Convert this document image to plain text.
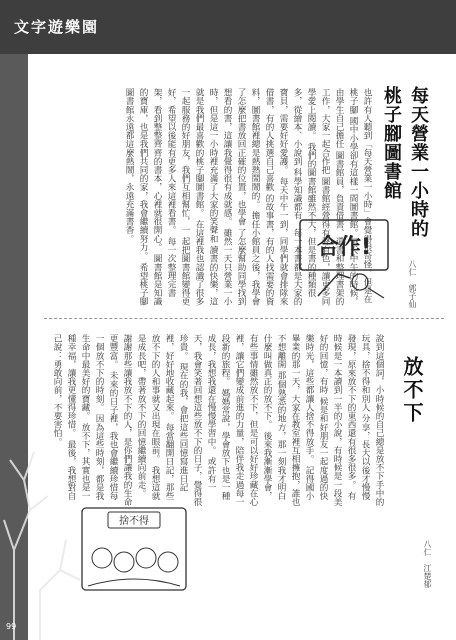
文字遊樂園
99
每天營業一小時的
桃子腳圖書館
八仁　郭子仙
合作!
也許有人聽到「每天營業一小時」會覺得很奇怪，但是在桃子腳 國中小學卻有這樣一間圖書館。每天中午的時候，由學生自己擔任 圖書館員，負責借書、還書和整理書架的工作，大家一起合作把 圖書館經營得有聲有色，讓更多同學愛上閱讀。 我們的圖書館雖然不大，但是書的種類很多，從繪本、小說到 科學知識都有，每一本書都是大家的寶貝，需要好好愛護。 每天中午一到，同學們就會排隊來借書，有的人挑選自己喜歡 的故事書，有的人找需要的資料，圖書館裡總是熱熱鬧鬧的。 擔任小館員之後，我學會了怎麼把書放回正確的位置，也學會 了怎麼幫助同學找到想看的書，這讓我覺得很有成就感。 雖然一天只營業一小時，但是這一小時裡充滿了大家的笑聲和 讀書的快樂，這就是我們最喜歡的桃子腳圖書館。 在這裡我也認識了很多一起服務的好朋友，我們互相幫忙，一 起把圖書館變得更好，希望以後能有更多人來這裡看書。 每一次整理完書架，看到整整齊齊的書本，心裡就很開心。 圖書館是知識的寶庫，也是我們共同的家，我會繼續努力。 希望桃子腳圖書館永遠都這麼熱鬧，永遠充滿書香。
放不下
八仁　江楚郁
說到這個詞，小時候的自己總是放不下手中的玩具，捨不得和別人 分享，長大以後才慢慢發現，原來放不下的東西還有很多很多。 有時候是一本讀到一半的小說，有時候是一段美好的回憶，有時 候是和好朋友一起度過的快樂時光，這些都讓人捨不得放手。 記得國小畢業的那一天，大家在教室裡互相擁抱，誰也不想離開 那個熟悉的地方，那一刻我才明白什麼叫做真正的放不下。 後來我漸漸學會，有些事情雖然放不下，但是可以好好珍藏在心 裡，讓它們變成前進的力量，陪伴我走過每一段新的旅程。 媽媽常說，學會放下也是一種成長，我想我還在慢慢學習中。 或許有一天，我會笑著回想這些放不下的日子，覺得很珍貴。 現在的我，會把這些回憶寫進日記裡，好好地收藏起來。 每當翻開日記，那些放不下的人和事就又出現在眼前。 我想這就是成長吧，帶著放不下的回憶繼續向前走。 謝謝那些讓我放不下的人，是你們讓我的生命更豐富。 未來的日子裡，我也會繼續珍惜每一個放不下的時刻。 因為這些時刻，都是我生命中最美好的寶藏。 放不下，其實也是一種幸福，讓我更懂得珍惜。 最後，我想對自己說：勇敢向前，不要害怕。
捨不得
